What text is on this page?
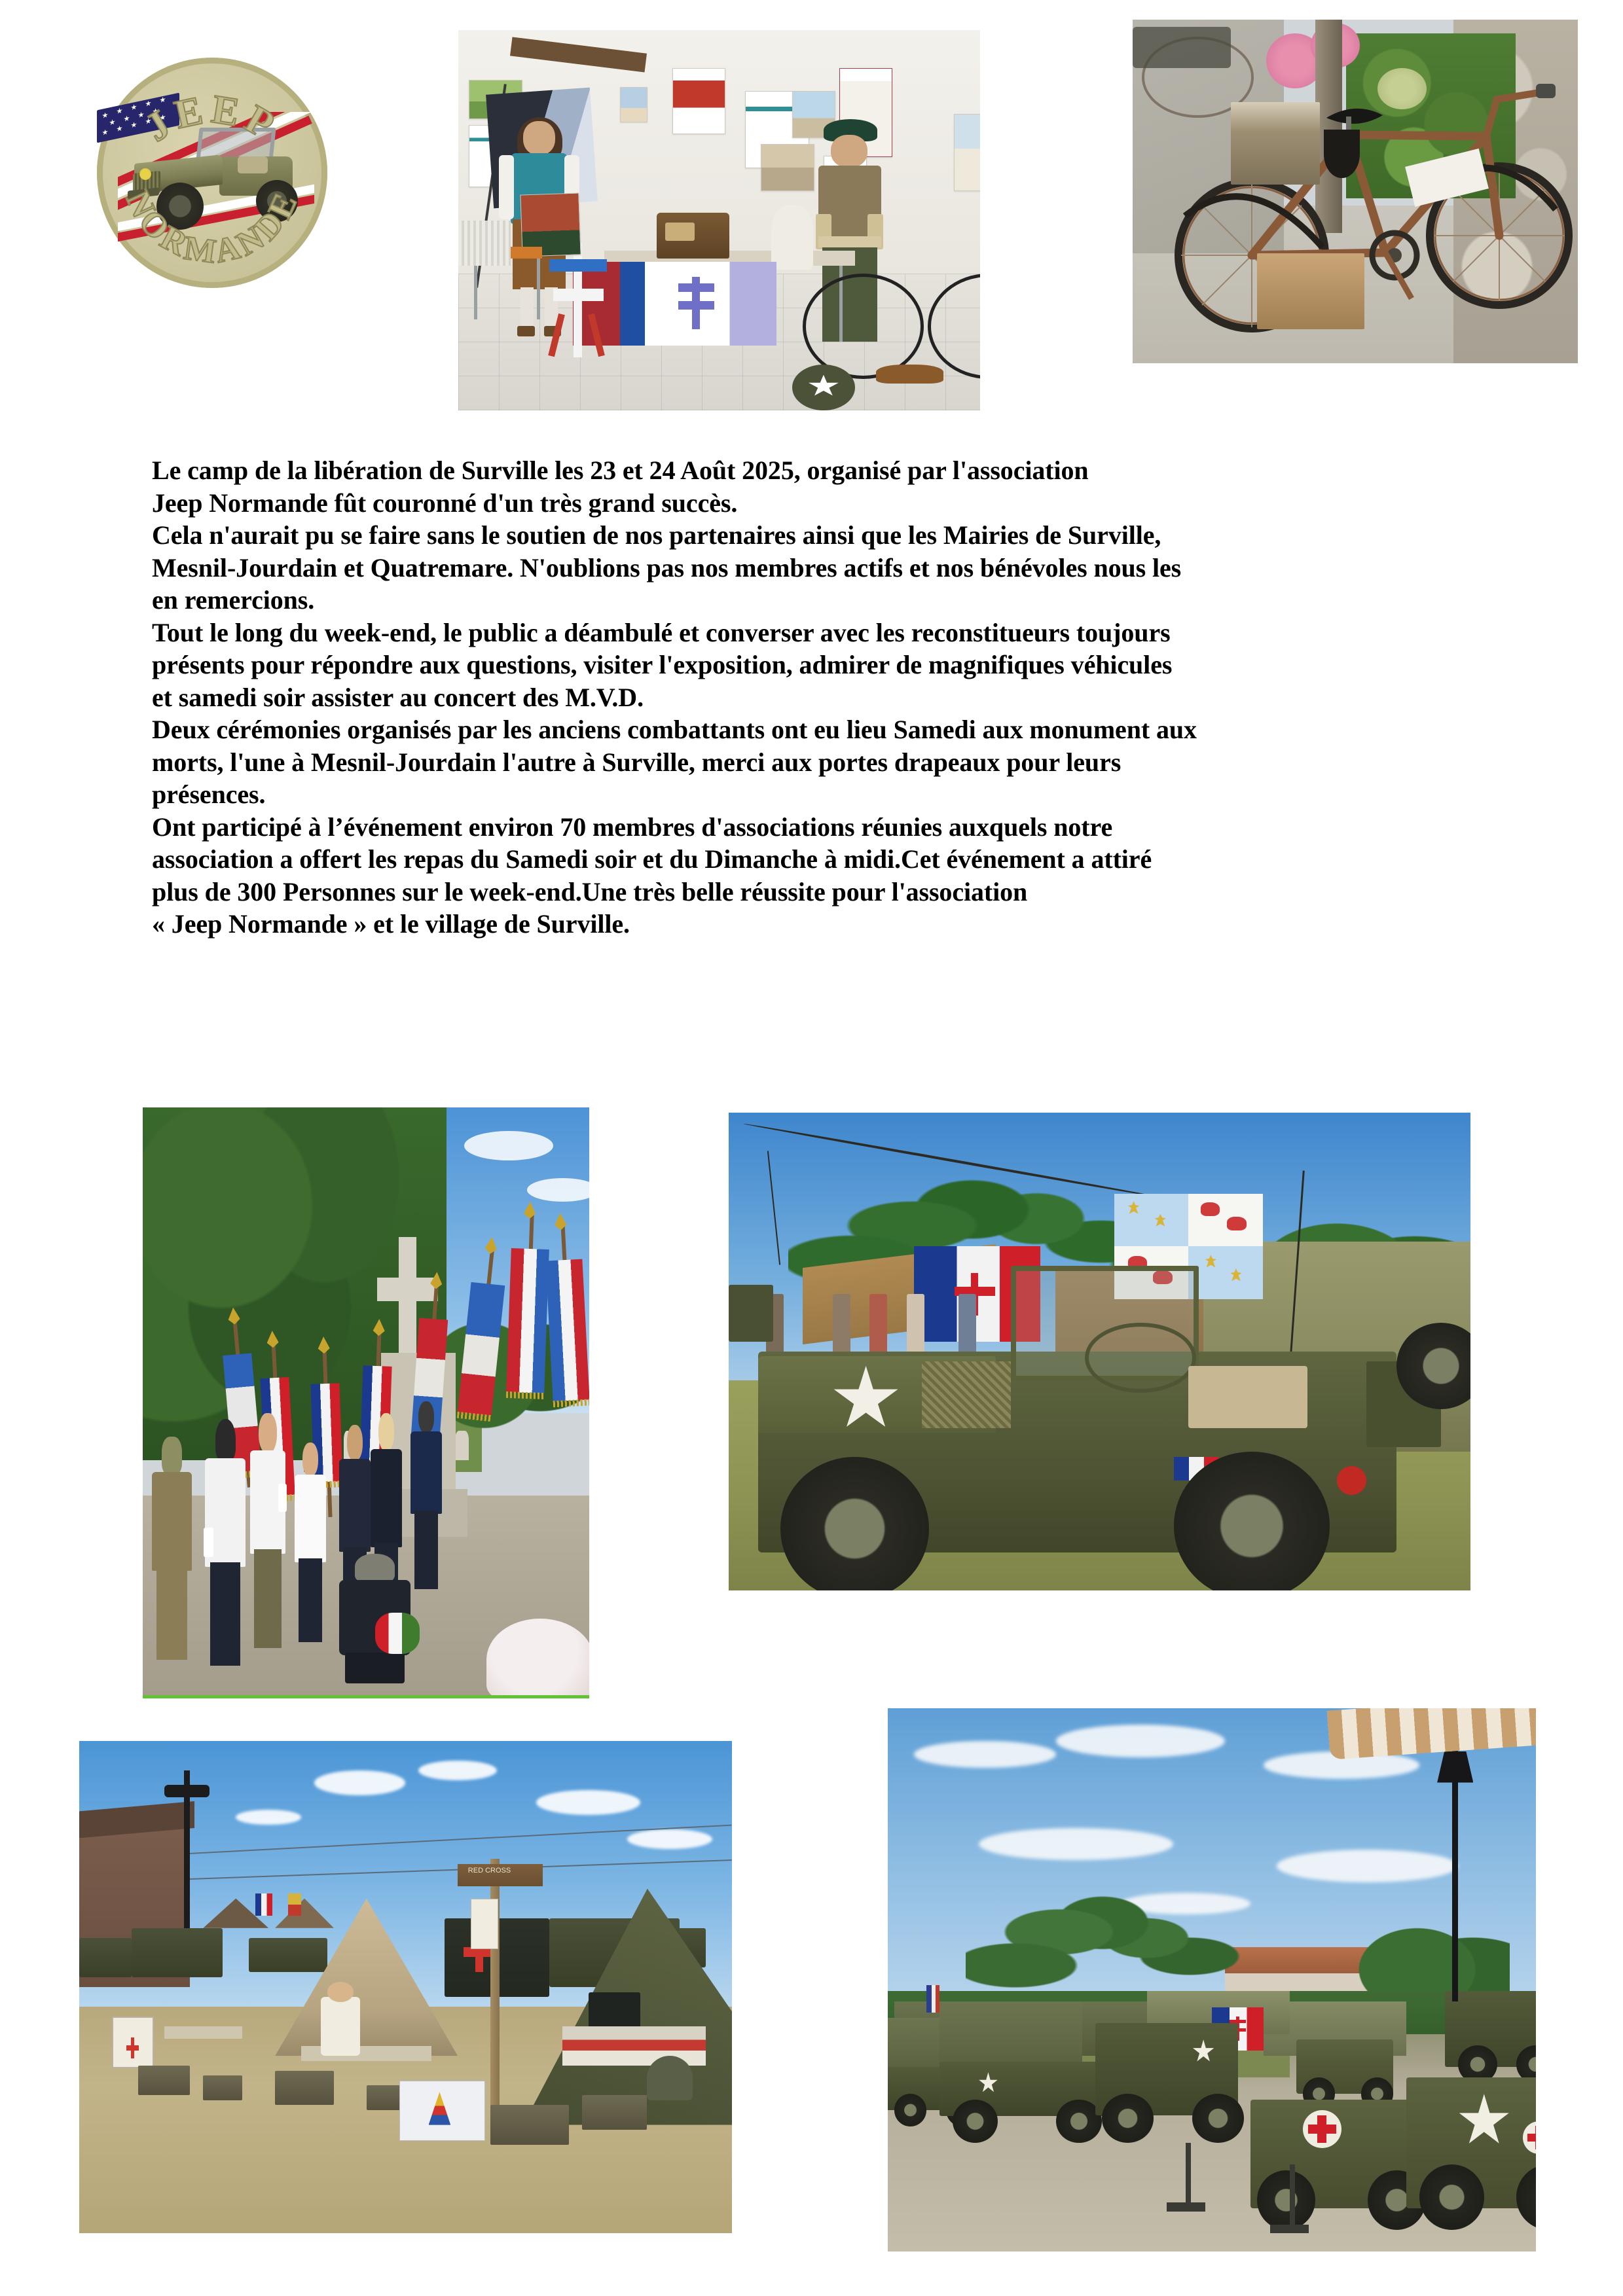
JEEP
NORMANDE

Le camp de la libération de Surville les 23 et 24 Août 2025, organisé par l'association

Jeep Normande fût couronné d'un très grand succès.

Cela n'aurait pu se faire sans le soutien de nos partenaires ainsi que les Mairies de Surville,

Mesnil-Jourdain et Quatremare. N'oublions pas nos membres actifs et nos bénévoles nous les

en remercions.

Tout le long du week-end, le public a déambulé et converser avec les reconstitueurs toujours

présents pour répondre aux questions, visiter l'exposition, admirer de magnifiques véhicules

et samedi soir assister au concert des M.V.D.

Deux cérémonies organisés par les anciens combattants ont eu lieu Samedi aux monument aux

morts, l'une à Mesnil-Jourdain l'autre à Surville, merci aux portes drapeaux pour leurs

présences.

Ont participé à l’événement environ 70 membres d'associations réunies auxquels notre

association a offert les repas du Samedi soir et du Dimanche à midi.Cet événement a attiré

plus de 300 Personnes sur le week-end.Une très belle réussite pour l'association

« Jeep Normande » et le village de Surville.

RED CROSS
